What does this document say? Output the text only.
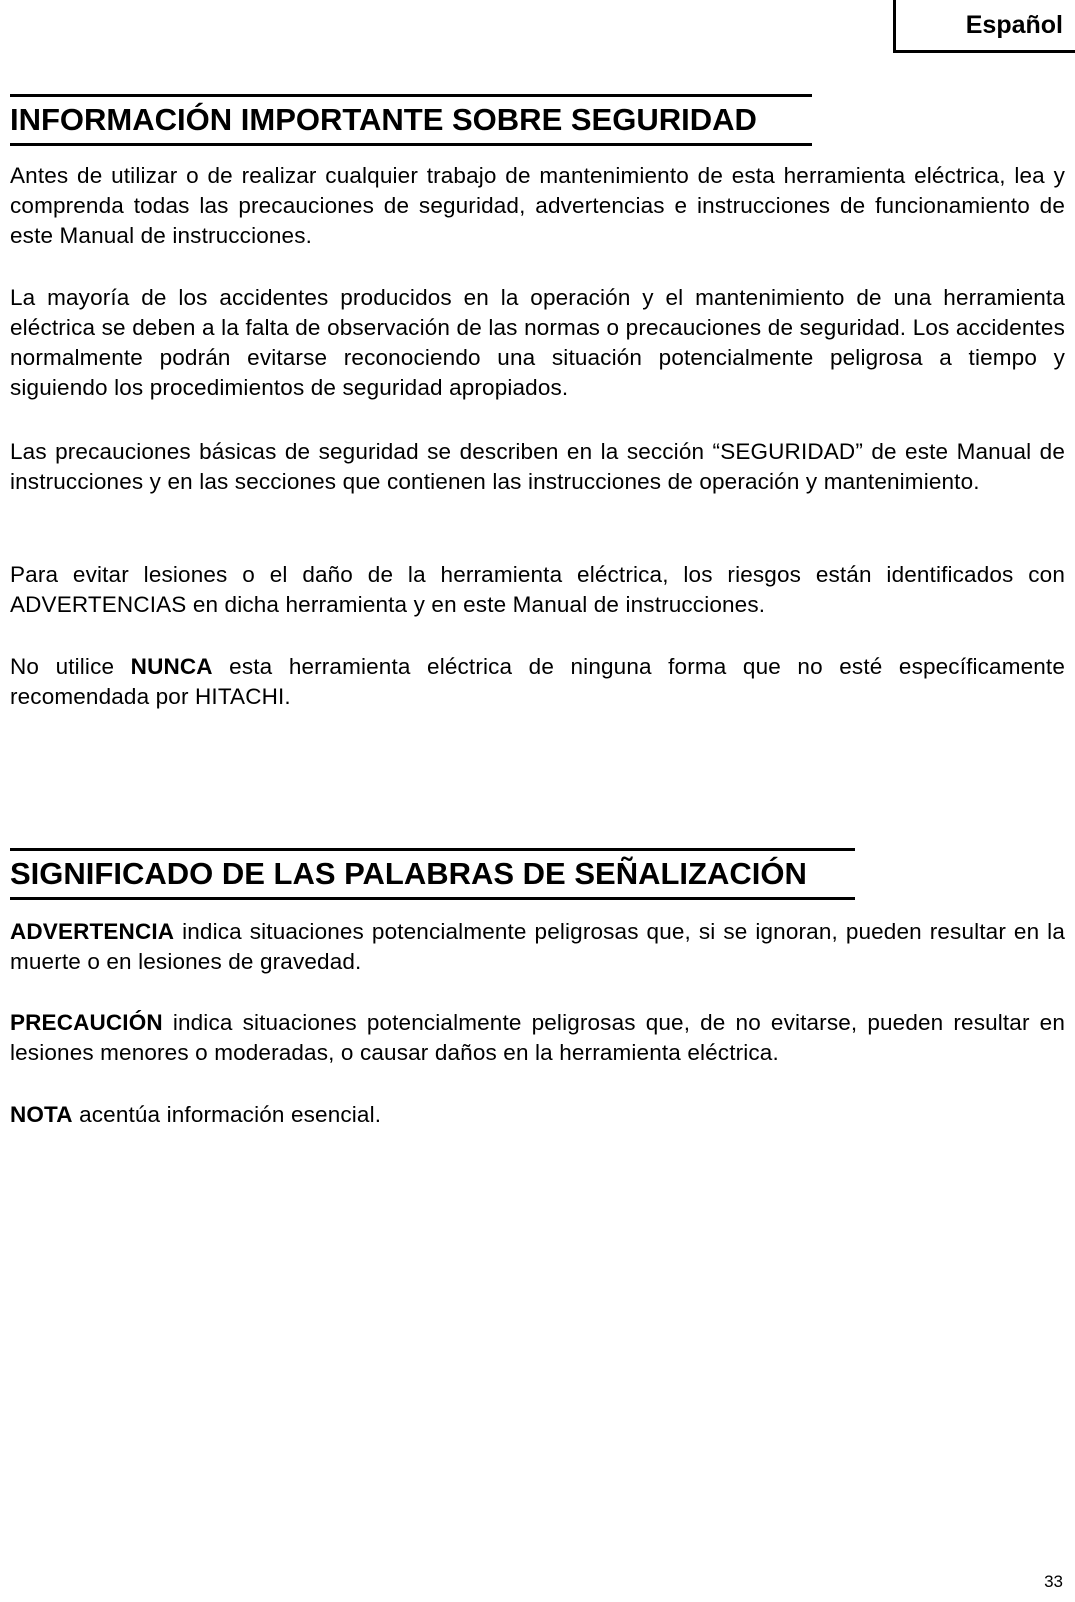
Español
INFORMACIÓN IMPORTANTE SOBRE SEGURIDAD

Antes de utilizar o de realizar cualquier trabajo de mantenimiento de esta herramienta eléctrica, lea y comprenda todas las precauciones de seguridad, advertencias e instrucciones de funcionamiento de este Manual de instrucciones.

La mayoría de los accidentes producidos en la operación y el mantenimiento de una herramienta eléctrica se deben a la falta de observación de las normas o precauciones de seguridad. Los accidentes normalmente podrán evitarse reconociendo una situación potencialmente peligrosa a tiempo y siguiendo los procedimientos de seguridad apropiados.

Las precauciones básicas de seguridad se describen en la sección “SEGURIDAD” de este Manual de instrucciones y en las secciones que contienen las instrucciones de operación y mantenimiento.

Para evitar lesiones o el daño de la herramienta eléctrica, los riesgos están identificados con ADVERTENCIAS en dicha herramienta y en este Manual de instrucciones.

No utilice NUNCA esta herramienta eléctrica de ninguna forma que no esté específicamente recomendada por HITACHI.

SIGNIFICADO DE LAS PALABRAS DE SEÑALIZACIÓN

ADVERTENCIA indica situaciones potencialmente peligrosas que, si se ignoran, pueden resultar en la muerte o en lesiones de gravedad.

PRECAUCIÓN indica situaciones potencialmente peligrosas que, de no evitarse, pueden resultar en lesiones menores o moderadas, o causar daños en la herramienta eléctrica.

NOTA acentúa información esencial.

33
